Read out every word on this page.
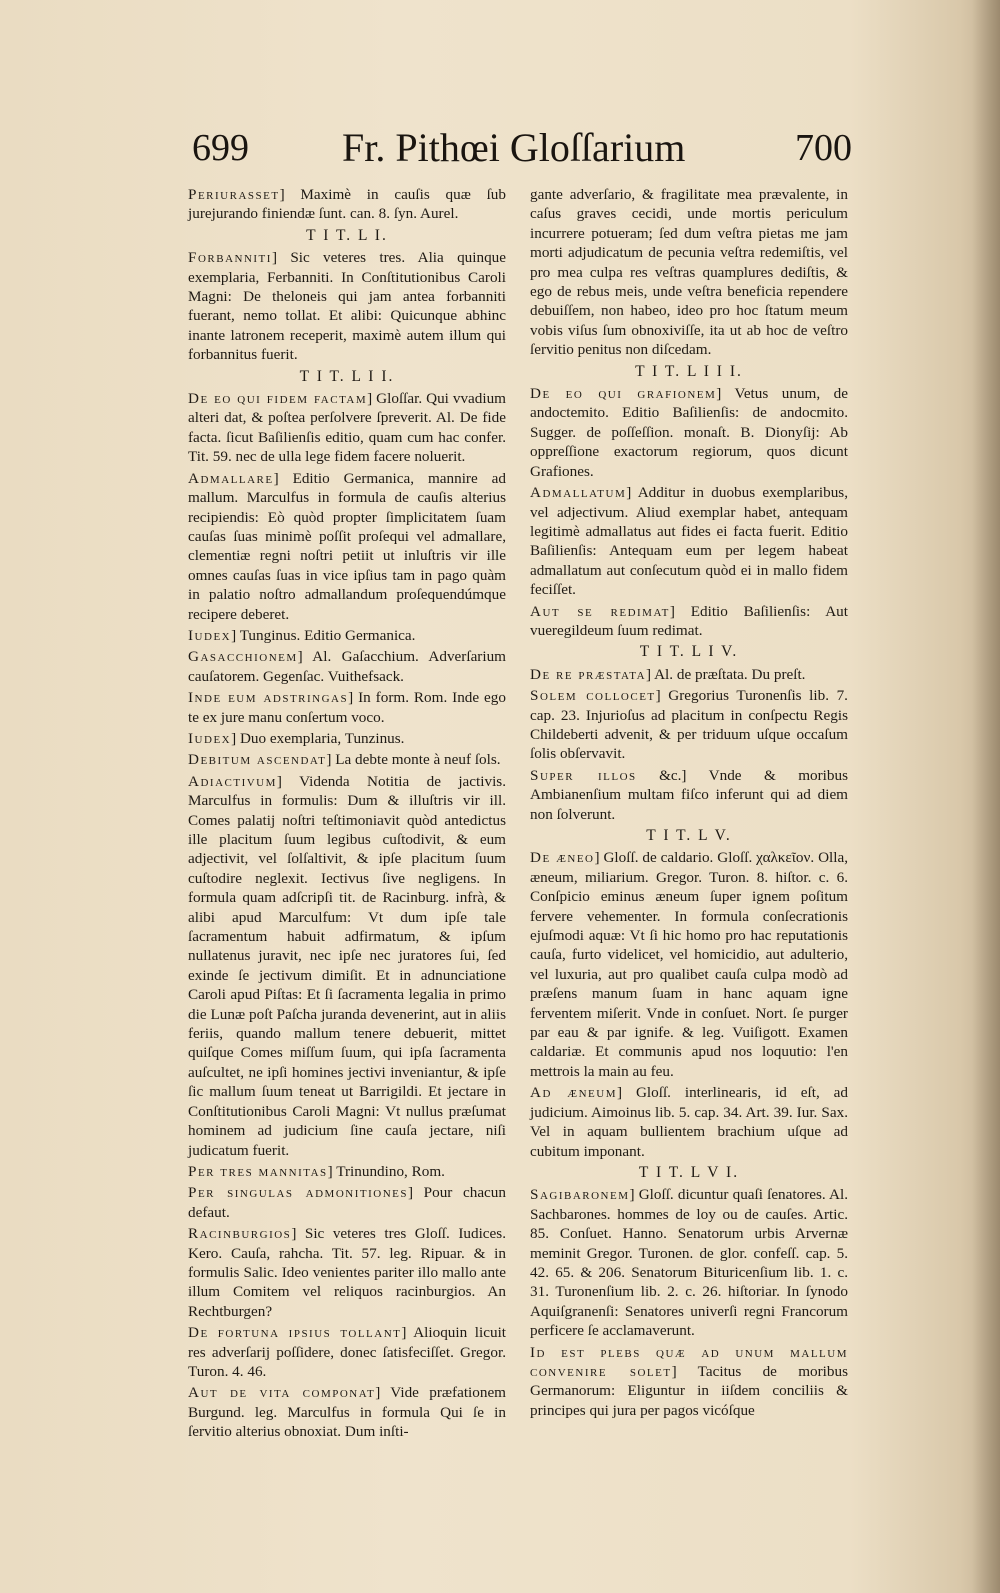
699 Fr. Pithœi Gloſſarium	700

Periurasset] Maximè in cauſis quæ ſub jurejurando finiendæ ſunt. can. 8. ſyn. Aurel.

T I T. L I.

Forbanniti] Sic veteres tres. Alia quinque exemplaria, Ferbanniti. In Conſtitutionibus Caroli Magni: De theloneis qui jam antea forbanniti fuerant, nemo tollat. Et alibi: Quicunque abhinc inante latronem receperit, maximè autem illum qui forbannitus fuerit.

T I T. L I I.

De eo qui fidem factam] Gloſſar. Qui vvadium alteri dat, & poſtea perſolvere ſpreverit. Al. De fide facta. ſicut Baſilienſis editio, quam cum hac confer. Tit. 59. nec de ulla lege fidem facere noluerit.

Admallare] Editio Germanica, mannire ad mallum. Marculfus in formula de cauſis alterius recipiendis: Eò quòd propter ſimplicitatem ſuam cauſas ſuas minimè poſſit proſequi vel admallare, clementiæ regni noſtri petiit ut inluſtris vir ille omnes cauſas ſuas in vice ipſius tam in pago quàm in palatio noſtro admallandum proſequendúmque recipere deberet.

Iudex] Tunginus. Editio Germanica.

Gasacchionem] Al. Gaſacchium. Adverſarium cauſatorem. Gegenſac. Vuithefsack.

Inde eum adstringas] In form. Rom. Inde ego te ex jure manu conſertum voco.

Iudex] Duo exemplaria, Tunzinus.

Debitum ascendat] La debte monte à neuf ſols.

Adiactivum] Videnda Notitia de jactivis. Marculfus in formulis: Dum & illuſtris vir ill. Comes palatij noſtri teſtimoniavit quòd antedictus ille placitum ſuum legibus cuſtodivit, & eum adjectivit, vel ſolſaltivit, & ipſe placitum ſuum cuſtodire neglexit. Iectivus ſive negligens. In formula quam adſcripſi tit. de Racinburg. infrà, & alibi apud Marculfum: Vt dum ipſe tale ſacramentum habuit adfirmatum, & ipſum nullatenus juravit, nec ipſe nec juratores ſui, ſed exinde ſe jectivum dimiſit. Et in adnunciatione Caroli apud Piſtas: Et ſi ſacramenta legalia in primo die Lunæ poſt Paſcha juranda devenerint, aut in aliis feriis, quando mallum tenere debuerit, mittet quiſque Comes miſſum ſuum, qui ipſa ſacramenta auſcultet, ne ipſi homines jectivi inveniantur, & ipſe ſic mallum ſuum teneat ut Barrigildi. Et jectare in Conſtitutionibus Caroli Magni: Vt nullus præſumat hominem ad judicium ſine cauſa jectare, niſi judicatum fuerit.

Per tres mannitas] Trinundino, Rom.

Per singulas admonitiones] Pour chacun defaut.

Racinburgios] Sic veteres tres Gloſſ. Iudices. Kero. Cauſa, rahcha. Tit. 57. leg. Ripuar. & in formulis Salic. Ideo venientes pariter illo mallo ante illum Comitem vel reliquos racinburgios. An Rechtburgen?

De fortuna ipsius tollant] Alioquin licuit res adverſarij poſſidere, donec ſatisfeciſſet. Gregor. Turon. 4. 46.

Aut de vita componat] Vide præfationem Burgund. leg. Marculfus in formula Qui ſe in ſervitio alterius obnoxiat. Dum inſti-

gante adverſario, & fragilitate mea prævalente, in caſus graves cecidi, unde mortis periculum incurrere potueram; ſed dum veſtra pietas me jam morti adjudicatum de pecunia veſtra redemiſtis, vel pro mea culpa res veſtras quamplures dediſtis, & ego de rebus meis, unde veſtra beneficia rependere debuiſſem, non habeo, ideo pro hoc ſtatum meum vobis viſus ſum obnoxiviſſe, ita ut ab hoc de veſtro ſervitio penitus non diſcedam.

T I T. L I I I.

De eo qui grafionem] Vetus unum, de andoctemito. Editio Baſilienſis: de andocmito. Sugger. de poſſeſſion. monaſt. B. Dionyſij: Ab oppreſſione exactorum regiorum, quos dicunt Grafiones.

Admallatum] Additur in duobus exemplaribus, vel adjectivum. Aliud exemplar habet, antequam legitimè admallatus aut fides ei facta fuerit. Editio Baſilienſis: Antequam eum per legem habeat admallatum aut conſecutum quòd ei in mallo fidem feciſſet.

Aut se redimat] Editio Baſilienſis: Aut vueregildeum ſuum redimat.

T I T. L I V.

De re præstata] Al. de præſtata. Du preſt.

Solem collocet] Gregorius Turonenſis lib. 7. cap. 23. Injurioſus ad placitum in conſpectu Regis Childeberti advenit, & per triduum uſque occaſum ſolis obſervavit.

Super illos &c.] Vnde & moribus Ambianenſium multam fiſco inferunt qui ad diem non ſolverunt.

T I T. L V.

De æneo] Gloſſ. de caldario. Gloſſ. χαλκεῖον. Olla, æneum, miliarium. Gregor. Turon. 8. hiſtor. c. 6. Conſpicio eminus æneum ſuper ignem poſitum fervere vehementer. In formula conſecrationis ejuſmodi aquæ: Vt ſi hic homo pro hac reputationis cauſa, furto videlicet, vel homicidio, aut adulterio, vel luxuria, aut pro qualibet cauſa culpa modò ad præſens manum ſuam in hanc aquam igne ferventem miſerit. Vnde in conſuet. Nort. ſe purger par eau & par ignife. & leg. Vuiſigott. Examen caldariæ. Et communis apud nos loquutio: l'en mettrois la main au feu.

Ad æneum] Gloſſ. interlinearis, id eſt, ad judicium. Aimoinus lib. 5. cap. 34. Art. 39. Iur. Sax. Vel in aquam bullientem brachium uſque ad cubitum imponant.

T I T. L V I.

Sagibaronem] Gloſſ. dicuntur quaſi ſenatores. Al. Sachbarones. hommes de loy ou de cauſes. Artic. 85. Conſuet. Hanno. Senatorum urbis Arvernæ meminit Gregor. Turonen. de glor. confeſſ. cap. 5. 42. 65. & 206. Senatorum Bituricenſium lib. 1. c. 31. Turonenſium lib. 2. c. 26. hiſtoriar. In ſynodo Aquiſgranenſi: Senatores univerſi regni Francorum perficere ſe acclamaverunt.

Id est plebs quæ ad unum mallum convenire solet] Tacitus de moribus Germanorum: Eliguntur in iiſdem conciliis & principes qui jura per pagos vicóſque
